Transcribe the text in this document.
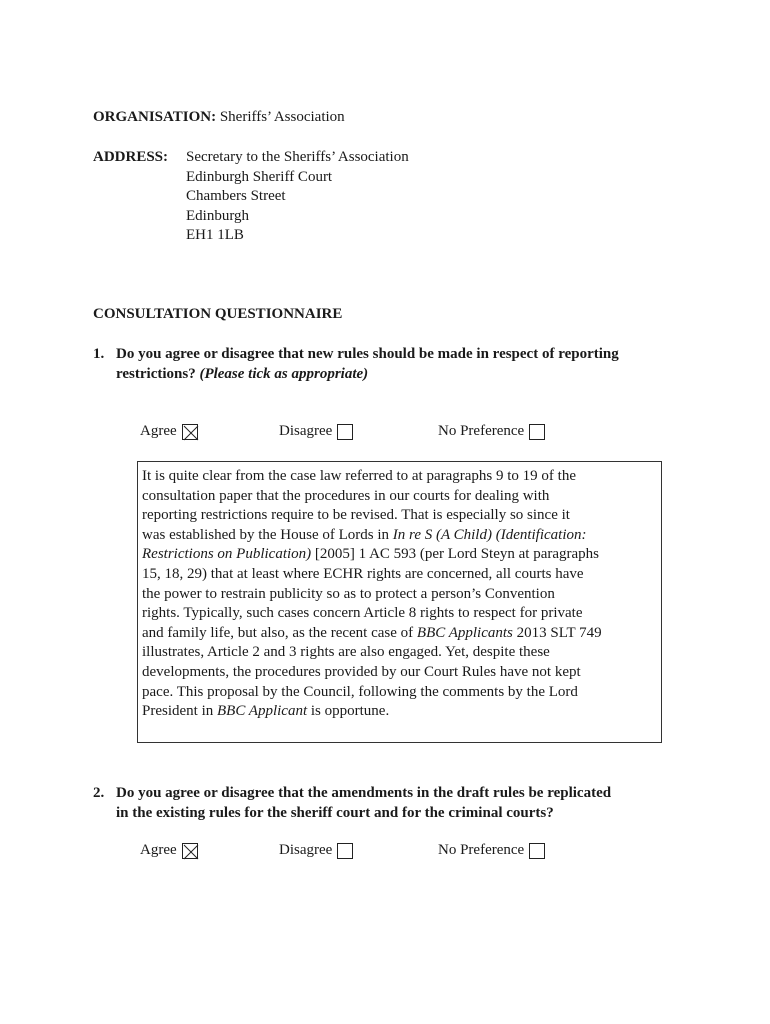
ORGANISATION: Sheriffs’ Association
ADDRESS: Secretary to the Sheriffs’ Association
Edinburgh Sheriff Court
Chambers Street
Edinburgh
EH1 1LB
CONSULTATION QUESTIONNAIRE
1. Do you agree or disagree that new rules should be made in respect of reporting
restrictions? (Please tick as appropriate)
Agree	Disagree	No Preference
It is quite clear from the case law referred to at paragraphs 9 to 19 of the
consultation paper that the procedures in our courts for dealing with
reporting restrictions require to be revised. That is especially so since it
was established by the House of Lords in In re S (A Child) (Identification:
Restrictions on Publication) [2005] 1 AC 593 (per Lord Steyn at paragraphs
15, 18, 29) that at least where ECHR rights are concerned, all courts have
the power to restrain publicity so as to protect a person’s Convention
rights. Typically, such cases concern Article 8 rights to respect for private
and family life, but also, as the recent case of BBC Applicants 2013 SLT 749
illustrates, Article 2 and 3 rights are also engaged. Yet, despite these
developments, the procedures provided by our Court Rules have not kept
pace. This proposal by the Council, following the comments by the Lord
President in BBC Applicant is opportune.
2. Do you agree or disagree that the amendments in the draft rules be replicated
in the existing rules for the sheriff court and for the criminal courts?
Agree	Disagree	No Preference
